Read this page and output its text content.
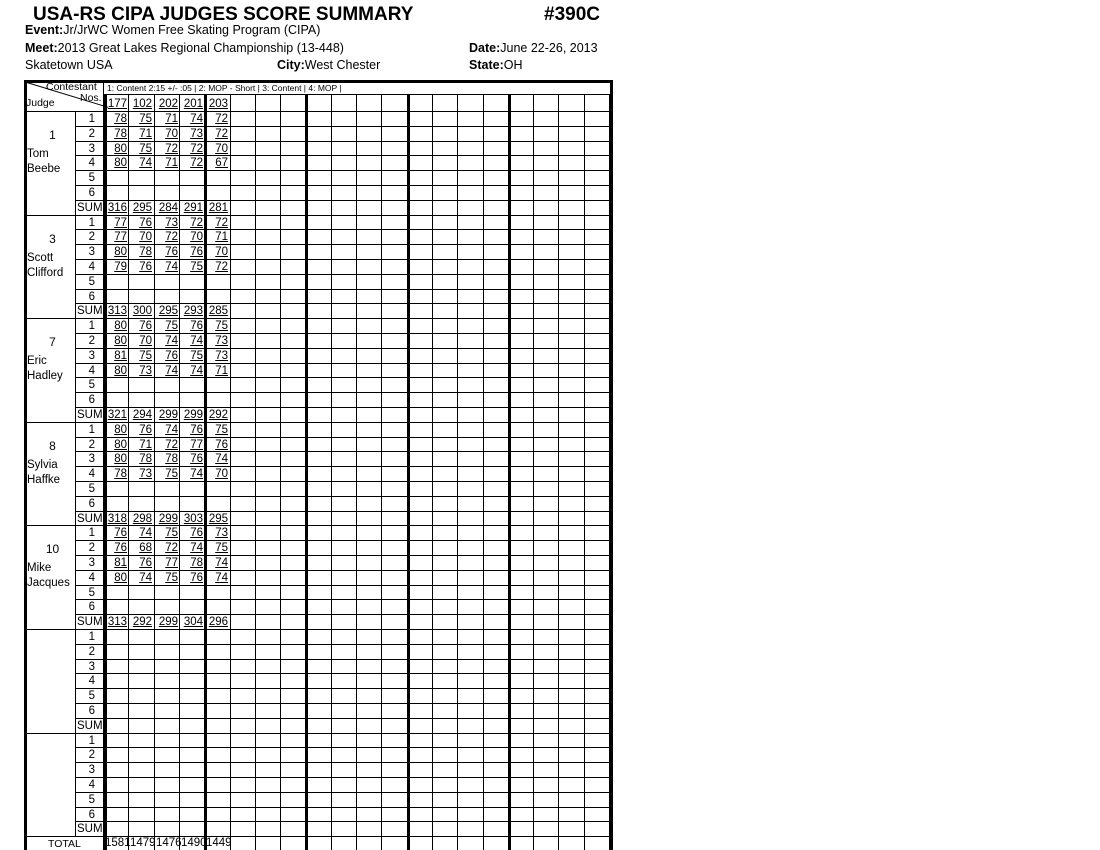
USA-RS CIPA JUDGES SCORE SUMMARY	#390C
Event:Jr/JrWC Women Free Skating Program (CIPA)
Meet:2013 Great Lakes Regional Championship (13-448)	Date:June 22-26, 2013
Skatetown USA	City:West Chester	State:OH
Contestant
Nos.
Judge
1: Content 2:15 +/- :05 | 2: MOP - Short | 3: Content | 4: MOP |
177 102 202 201 203
1
Tom
Beebe
1	78	75	71	74	72
2	78	71	70	73	72
3	80	75	72	72	70
4	80	74	71	72	67
5
6
SUM 316 295 284 291 281
3
Scott
Clifford
1	77	76	73	72	72
2	77	70	72	70	71
3	80	78	76	76	70
4	79	76	74	75	72
5
6
SUM 313 300 295 293 285
7
Eric
Hadley
1	80	76	75	76	75
2	80	70	74	74	73
3	81	75	76	75	73
4	80	73	74	74	71
5
6
SUM 321 294 299 299 292
8
Sylvia
Haffke
1	80	76	74	76	75
2	80	71	72	77	76
3	80	78	78	76	74
4	78	73	75	74	70
5
6
SUM 318 298 299 303 295
10
Mike
Jacques
1	76	74	75	76	73
2	76	68	72	74	75
3	81	76	77	78	74
4	80	74	75	76	74
5
6
SUM 313 292 299 304 296
1
2
3
4
5
6
SUM
1
2
3
4
5
6
SUM
TOTAL 1581 1479 1476 1490 1449
